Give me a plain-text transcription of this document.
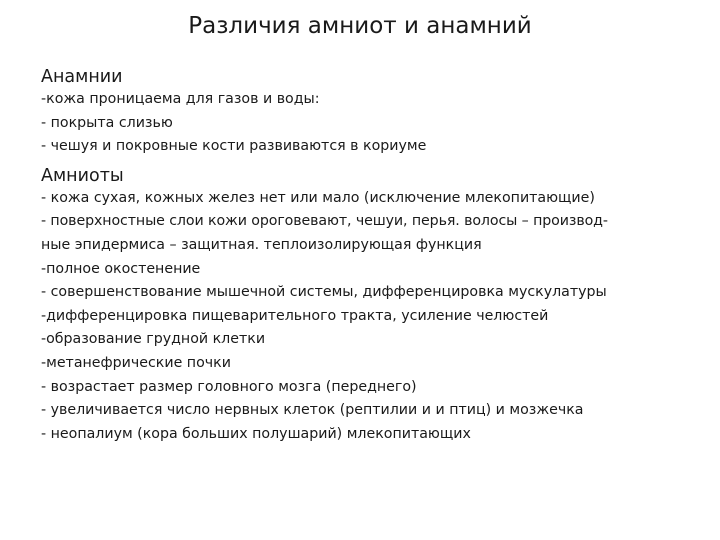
Различия амниот и анамний

Анамнии

-кожа проницаема для газов и воды:

- покрыта слизью

- чешуя и покровные кости развиваются в кориуме

Амниоты

- кожа сухая, кожных желез нет или мало (исключение млекопитающие)

- поверхностные слои кожи ороговевают, чешуи, перья. волосы – производ-

ные эпидермиса – защитная. теплоизолирующая функция

-полное окостенение

- совершенствование мышечной системы, дифференцировка мускулатуры

-дифференцировка пищеварительного тракта, усиление челюстей

-образование грудной клетки

-метанефрические почки

- возрастает размер головного мозга (переднего)

- увеличивается число нервных клеток (рептилии и и птиц) и мозжечка

- неопалиум (кора больших полушарий) млекопитающих
